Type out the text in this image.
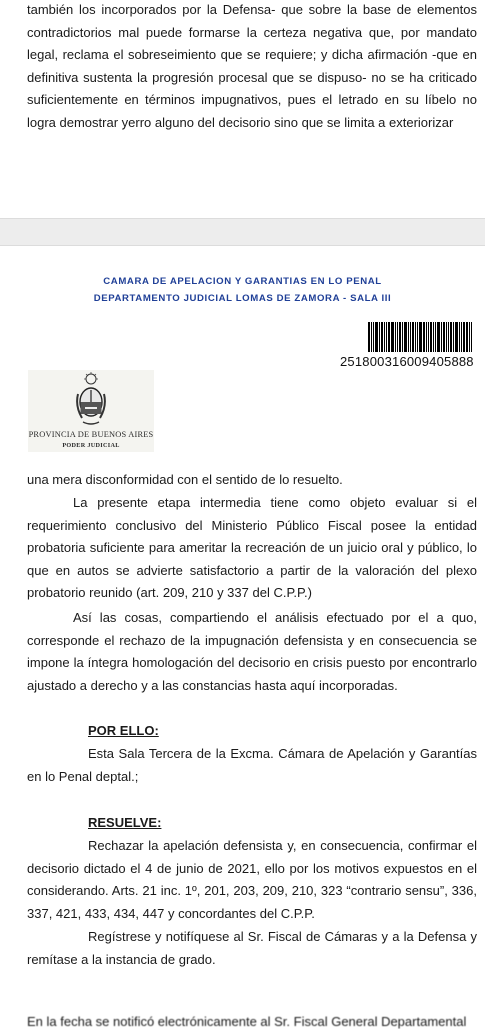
también los incorporados por la Defensa- que sobre la base de elementos contradictorios mal puede formarse la certeza negativa que, por mandato legal, reclama el sobreseimiento que se requiere; y dicha afirmación -que en definitiva sustenta la progresión procesal que se dispuso- no se ha criticado suficientemente en términos impugnativos, pues el letrado en su líbelo no logra demostrar yerro alguno del decisorio sino que se limita a exteriorizar

CAMARA DE APELACION Y GARANTIAS EN LO PENAL
DEPARTAMENTO JUDICIAL LOMAS DE ZAMORA - SALA III
251800316009405888
PROVINCIA DE BUENOS AIRES
PODER JUDICIAL

una mera disconformidad con el sentido de lo resuelto.

La presente etapa intermedia tiene como objeto evaluar si el requerimiento conclusivo del Ministerio Público Fiscal posee la entidad probatoria suficiente para ameritar la recreación de un juicio oral y público, lo que en autos se advierte satisfactorio a partir de la valoración del plexo probatorio reunido (art. 209, 210 y 337 del C.P.P.)

Así las cosas, compartiendo el análisis efectuado por el a quo, corresponde el rechazo de la impugnación defensista y en consecuencia se impone la íntegra homologación del decisorio en crisis puesto por encontrarlo ajustado a derecho y a las constancias hasta aquí incorporadas.

POR ELLO:

Esta Sala Tercera de la Excma. Cámara de Apelación y Garantías en lo Penal deptal.;

RESUELVE:

Rechazar la apelación defensista y, en consecuencia, confirmar el decisorio dictado el 4 de junio de 2021, ello por los motivos expuestos en el considerando. Arts. 21 inc. 1º, 201, 203, 209, 210, 323 “contrario sensu”, 336, 337, 421, 433, 434, 447 y concordantes del C.P.P.

Regístrese y notifíquese al Sr. Fiscal de Cámaras y a la Defensa y remítase a la instancia de grado.

En la fecha se notificó electrónicamente al Sr. Fiscal General Departamental
